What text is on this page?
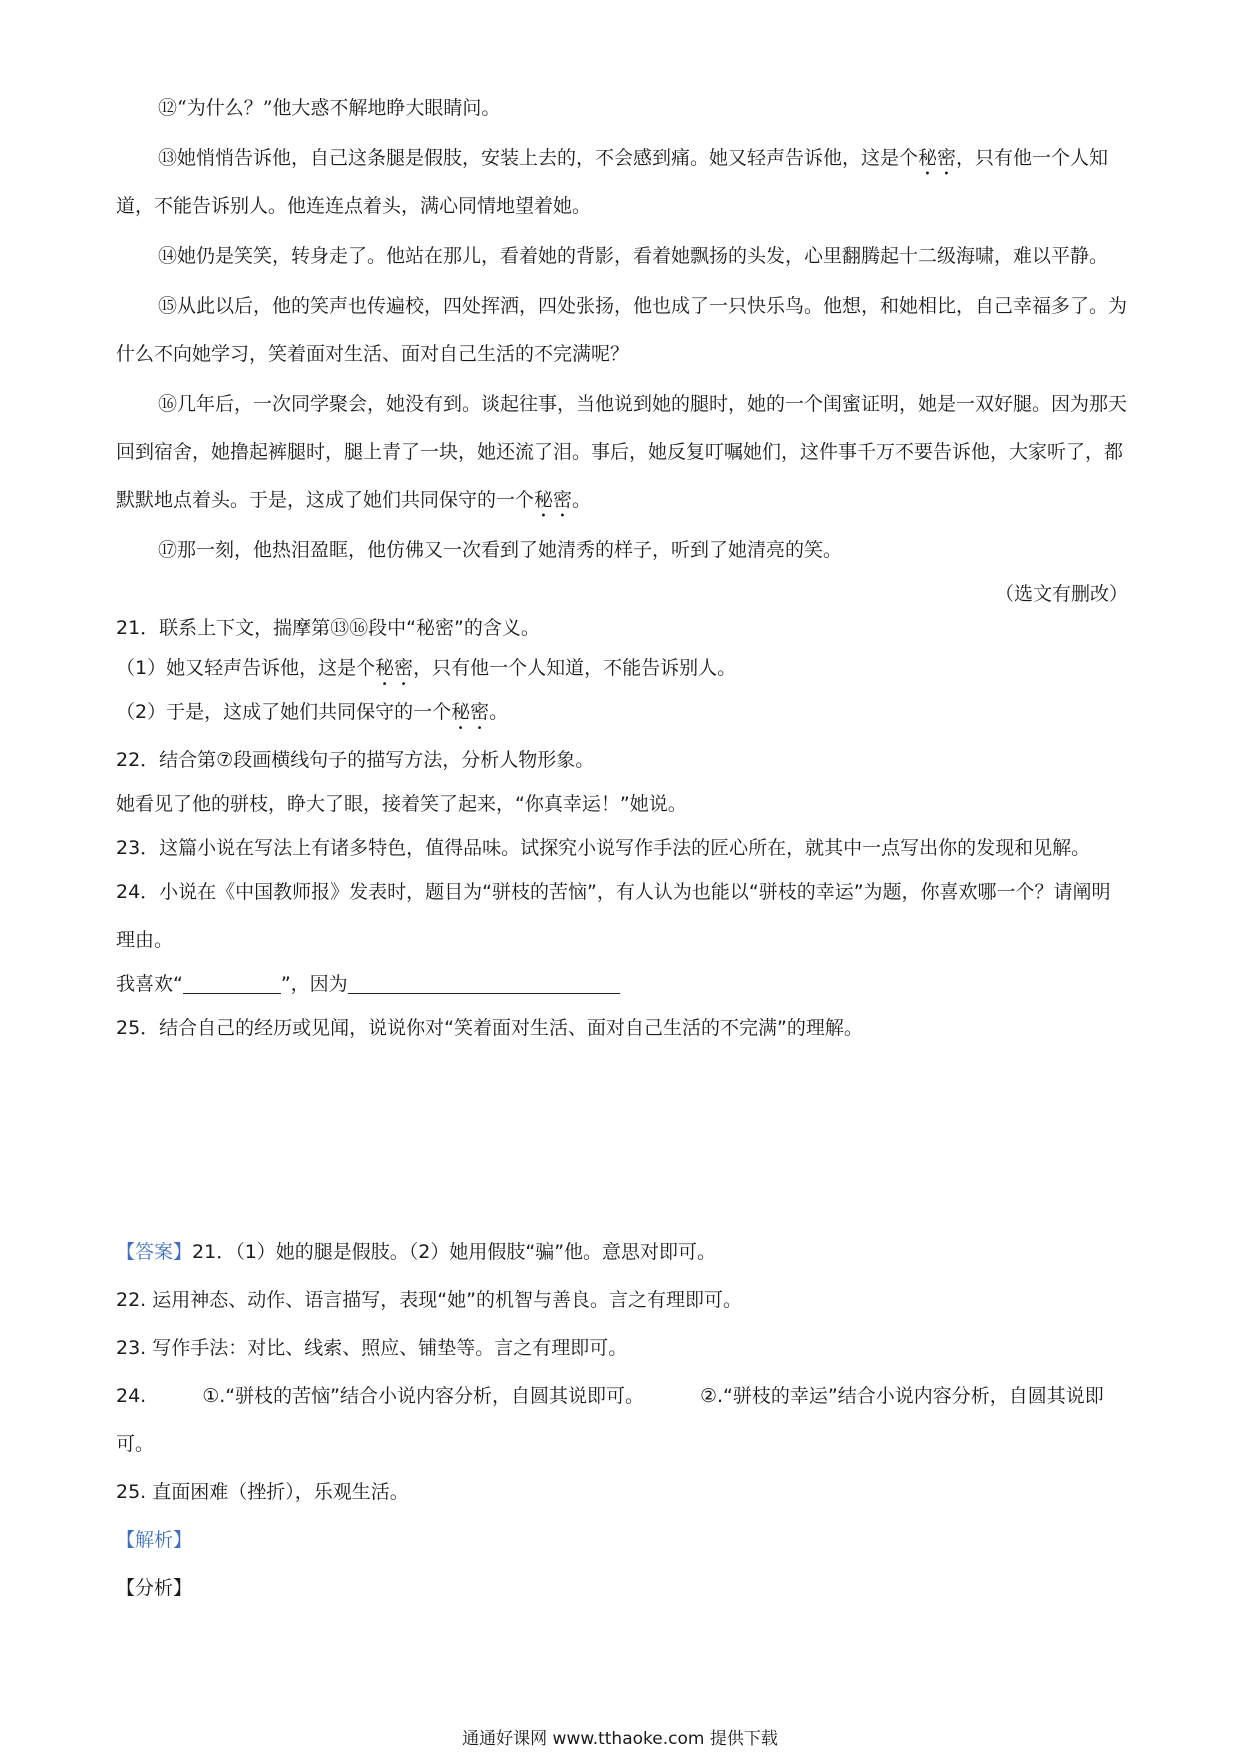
⑫“为什么？”他大惑不解地睁大眼睛问。

⑬她悄悄告诉他，自己这条腿是假肢，安装上去的，不会感到痛。她又轻声告诉他，这是个秘密，只有他一个人知道，不能告诉别人。他连连点着头，满心同情地望着她。

⑭她仍是笑笑，转身走了。他站在那儿，看着她的背影，看着她飘扬的头发，心里翻腾起十二级海啸，难以平静。

⑮从此以后，他的笑声也传遍校，四处挥洒，四处张扬，他也成了一只快乐鸟。他想，和她相比，自己幸福多了。为什么不向她学习，笑着面对生活、面对自己生活的不完满呢？

⑯几年后，一次同学聚会，她没有到。谈起往事，当他说到她的腿时，她的一个闺蜜证明，她是一双好腿。因为那天回到宿舍，她撸起裤腿时，腿上青了一块，她还流了泪。事后，她反复叮嘱她们，这件事千万不要告诉他，大家听了，都默默地点着头。于是，这成了她们共同保守的一个秘密。

⑰那一刻，他热泪盈眶，他仿佛又一次看到了她清秀的样子，听到了她清亮的笑。

（选文有删改）

21．联系上下文，揣摩第⑬⑯段中“秘密”的含义。

（1）她又轻声告诉他，这是个秘密，只有他一个人知道，不能告诉别人。

（2）于是，这成了她们共同保守的一个秘密。

22．结合第⑦段画横线句子的描写方法，分析人物形象。

她看见了他的骈枝，睁大了眼，接着笑了起来，“你真幸运！”她说。

23．这篇小说在写法上有诸多特色，值得品味。试探究小说写作手法的匠心所在，就其中一点写出你的发现和见解。

24．小说在《中国教师报》发表时，题目为“骈枝的苦恼”，有人认为也能以“骈枝的幸运”为题，你喜欢哪一个？请阐明理由。

我喜欢“	”，因为

25．结合自己的经历或见闻，说说你对“笑着面对生活、面对自己生活的不完满”的理解。

【答案】21．（1）她的腿是假肢。（2）她用假肢“骗”他。意思对即可。

22. 运用神态、动作、语言描写，表现“她”的机智与善良。言之有理即可。

23. 写作手法：对比、线索、照应、铺垫等。言之有理即可。

24.	①.“骈枝的苦恼”结合小说内容分析，自圆其说即可。	②.“骈枝的幸运”结合小说内容分析，自圆其说即可。

25. 直面困难（挫折），乐观生活。

【解析】

【分析】

通通好课网 www.tthaoke.com 提供下载
